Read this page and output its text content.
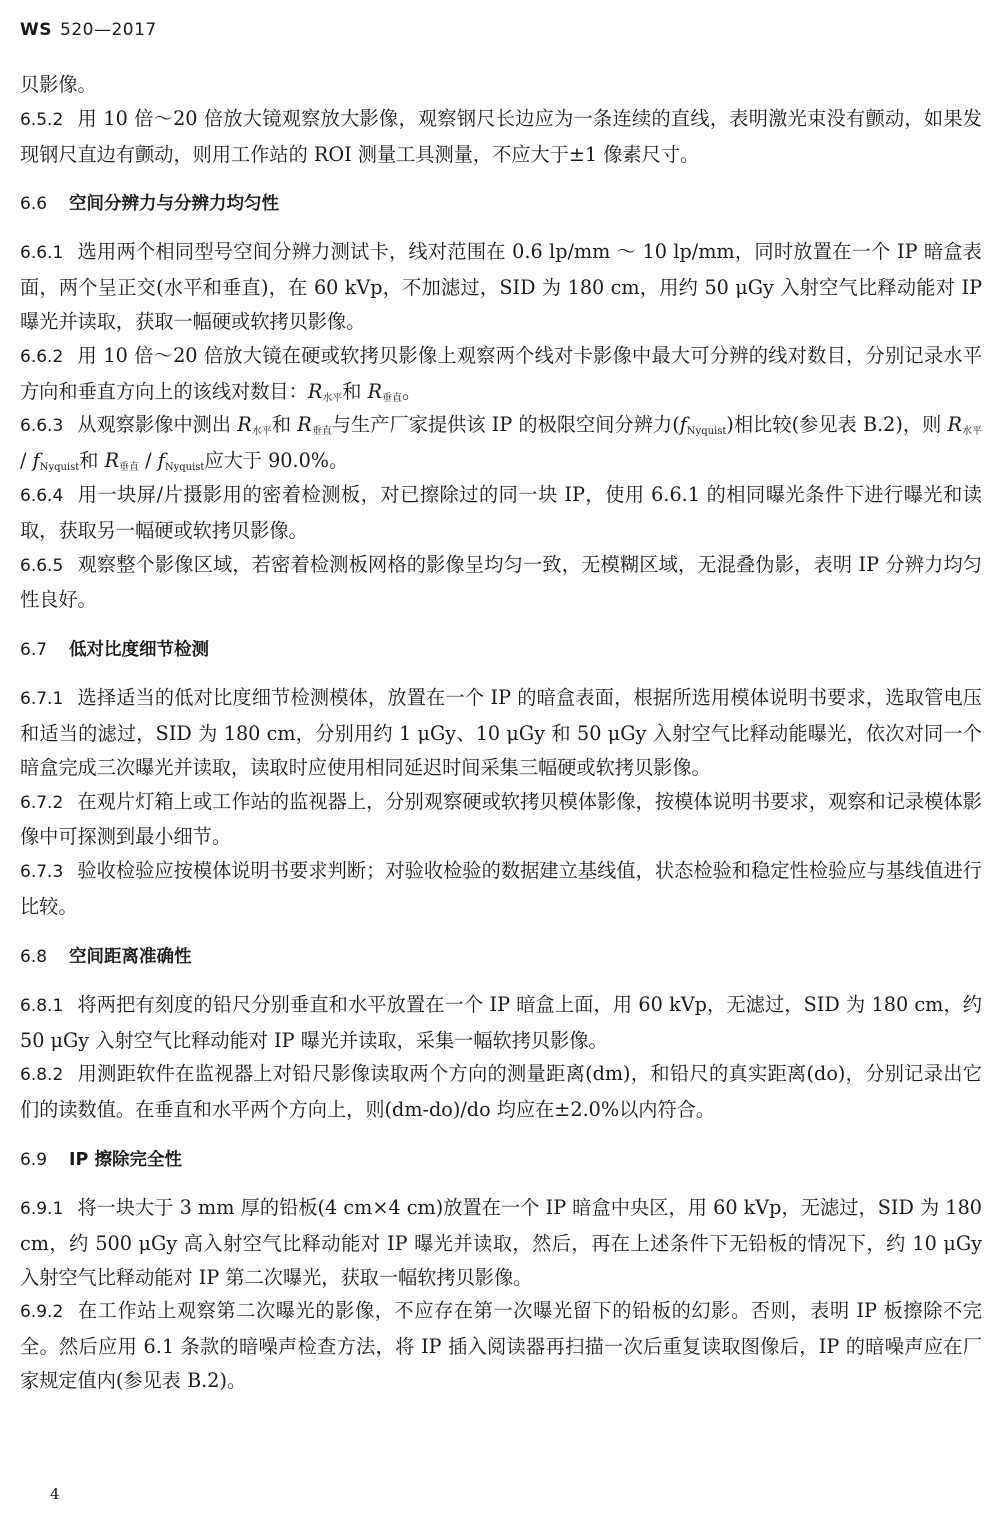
WS 520—2017

贝影像。

6.5.2 用 10 倍～20 倍放大镜观察放大影像，观察钢尺长边应为一条连续的直线，表明激光束没有颤动，如果发现钢尺直边有颤动，则用工作站的 ROI 测量工具测量，不应大于±1 像素尺寸。

6.6 空间分辨力与分辨力均匀性

6.6.1 选用两个相同型号空间分辨力测试卡，线对范围在 0.6 lp/mm ～ 10 lp/mm，同时放置在一个 IP 暗盒表面，两个呈正交(水平和垂直)，在 60 kVp，不加滤过，SID 为 180 cm，用约 50 μGy 入射空气比释动能对 IP 曝光并读取，获取一幅硬或软拷贝影像。

6.6.2 用 10 倍～20 倍放大镜在硬或软拷贝影像上观察两个线对卡影像中最大可分辨的线对数目，分别记录水平方向和垂直方向上的该线对数目：$R_{水平}$和 $R_{垂直}$。

6.6.3 从观察影像中测出 $R_{水平}$和 $R_{垂直}$与生产厂家提供该 IP 的极限空间分辨力$(f_{Nyquist})$相比较(参见表 B.2)，则 $R_{水平} / f_{Nyquist}$和 $R_{垂直} / f_{Nyquist}$应大于 90.0%。

6.6.4 用一块屏/片摄影用的密着检测板，对已擦除过的同一块 IP，使用 6.6.1 的相同曝光条件下进行曝光和读取，获取另一幅硬或软拷贝影像。

6.6.5 观察整个影像区域，若密着检测板网格的影像呈均匀一致，无模糊区域，无混叠伪影，表明 IP 分辨力均匀性良好。

6.7 低对比度细节检测

6.7.1 选择适当的低对比度细节检测模体，放置在一个 IP 的暗盒表面，根据所选用模体说明书要求，选取管电压和适当的滤过，SID 为 180 cm，分别用约 1 μGy、10 μGy 和 50 μGy 入射空气比释动能曝光，依次对同一个暗盒完成三次曝光并读取，读取时应使用相同延迟时间采集三幅硬或软拷贝影像。

6.7.2 在观片灯箱上或工作站的监视器上，分别观察硬或软拷贝模体影像，按模体说明书要求，观察和记录模体影像中可探测到最小细节。

6.7.3 验收检验应按模体说明书要求判断；对验收检验的数据建立基线值，状态检验和稳定性检验应与基线值进行比较。

6.8 空间距离准确性

6.8.1 将两把有刻度的铅尺分别垂直和水平放置在一个 IP 暗盒上面，用 60 kVp，无滤过，SID 为 180 cm，约 50 μGy 入射空气比释动能对 IP 曝光并读取，采集一幅软拷贝影像。

6.8.2 用测距软件在监视器上对铅尺影像读取两个方向的测量距离(dm)，和铅尺的真实距离(do)，分别记录出它们的读数值。在垂直和水平两个方向上，则(dm-do)/do 均应在±2.0%以内符合。

6.9 IP 擦除完全性

6.9.1 将一块大于 3 mm 厚的铅板(4 cm×4 cm)放置在一个 IP 暗盒中央区，用 60 kVp，无滤过，SID 为 180 cm，约 500 μGy 高入射空气比释动能对 IP 曝光并读取，然后，再在上述条件下无铅板的情况下，约 10 μGy 入射空气比释动能对 IP 第二次曝光，获取一幅软拷贝影像。

6.9.2 在工作站上观察第二次曝光的影像，不应存在第一次曝光留下的铅板的幻影。否则，表明 IP 板擦除不完全。然后应用 6.1 条款的暗噪声检查方法，将 IP 插入阅读器再扫描一次后重复读取图像后，IP 的暗噪声应在厂家规定值内(参见表 B.2)。

4
